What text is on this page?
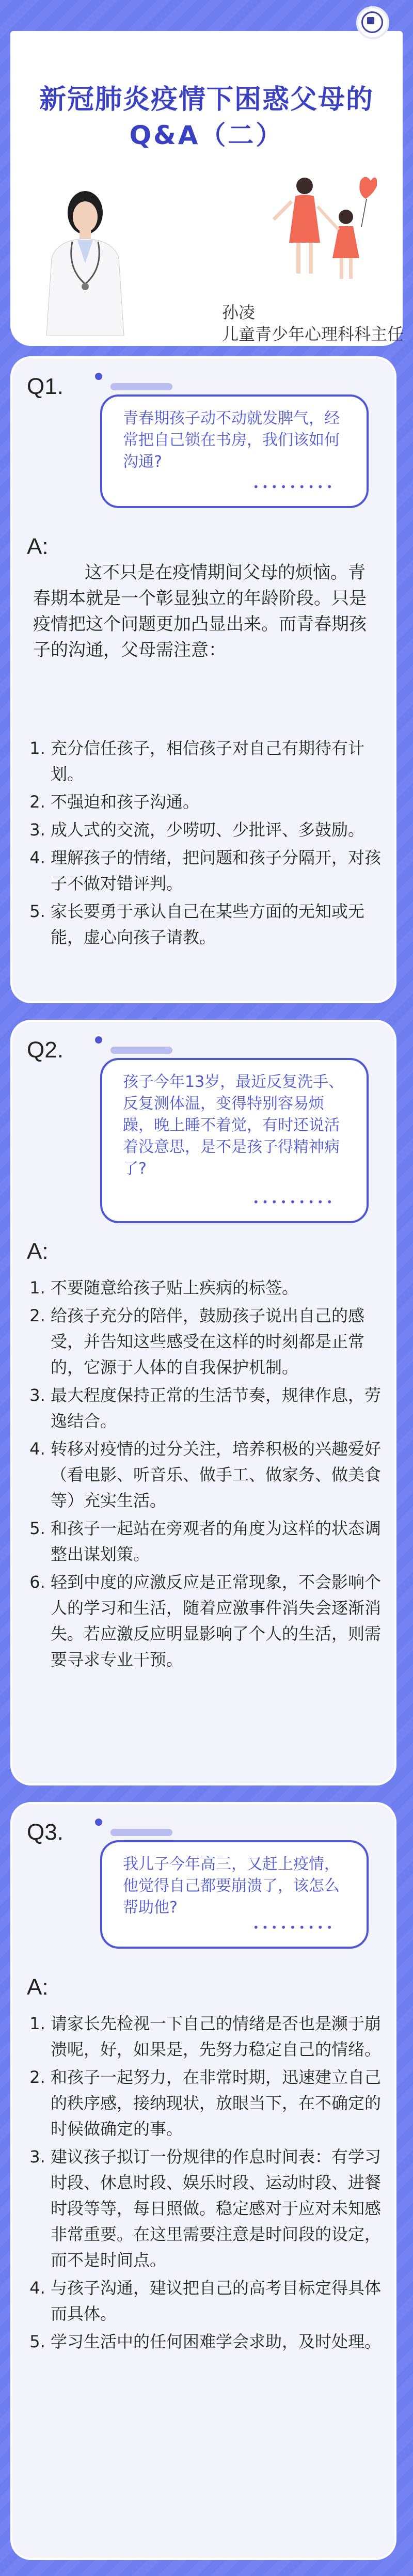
新冠肺炎疫情下困惑父母的
Q&A（二）
孙凌
儿童青少年心理科科主任
Q1.
青春期孩子动不动就发脾气，经常把自己锁在书房，我们该如何沟通?
•••••••••
A:
这不只是在疫情期间父母的烦恼。青春期本就是一个彰显独立的年龄阶段。只是疫情把这个问题更加凸显出来。而青春期孩子的沟通，父母需注意：
1. 充分信任孩子，相信孩子对自己有期待有计划。
2. 不强迫和孩子沟通。
3. 成人式的交流，少唠叨、少批评、多鼓励。
4. 理解孩子的情绪，把问题和孩子分隔开，对孩子不做对错评判。
5. 家长要勇于承认自己在某些方面的无知或无能，虚心向孩子请教。
Q2.
孩子今年13岁，最近反复洗手、反复测体温，变得特别容易烦躁，晚上睡不着觉，有时还说活着没意思，是不是孩子得精神病了?
•••••••••
A:
1. 不要随意给孩子贴上疾病的标签。
2. 给孩子充分的陪伴，鼓励孩子说出自己的感受，并告知这些感受在这样的时刻都是正常的，它源于人体的自我保护机制。
3. 最大程度保持正常的生活节奏，规律作息，劳逸结合。
4. 转移对疫情的过分关注，培养积极的兴趣爱好（看电影、听音乐、做手工、做家务、做美食等）充实生活。
5. 和孩子一起站在旁观者的角度为这样的状态调整出谋划策。
6. 轻到中度的应激反应是正常现象，不会影响个人的学习和生活，随着应激事件消失会逐渐消失。若应激反应明显影响了个人的生活，则需要寻求专业干预。
Q3.
我儿子今年高三，又赶上疫情，他觉得自己都要崩溃了，该怎么帮助他?
•••••••••
A:
1. 请家长先检视一下自己的情绪是否也是濒于崩溃呢，好，如果是，先努力稳定自己的情绪。
2. 和孩子一起努力，在非常时期，迅速建立自己的秩序感，接纳现状，放眼当下，在不确定的时候做确定的事。
3. 建议孩子拟订一份规律的作息时间表：有学习时段、休息时段、娱乐时段、运动时段、进餐时段等等，每日照做。稳定感对于应对未知感非常重要。在这里需要注意是时间段的设定，而不是时间点。
4. 与孩子沟通，建议把自己的高考目标定得具体而具体。
5. 学习生活中的任何困难学会求助，及时处理。
